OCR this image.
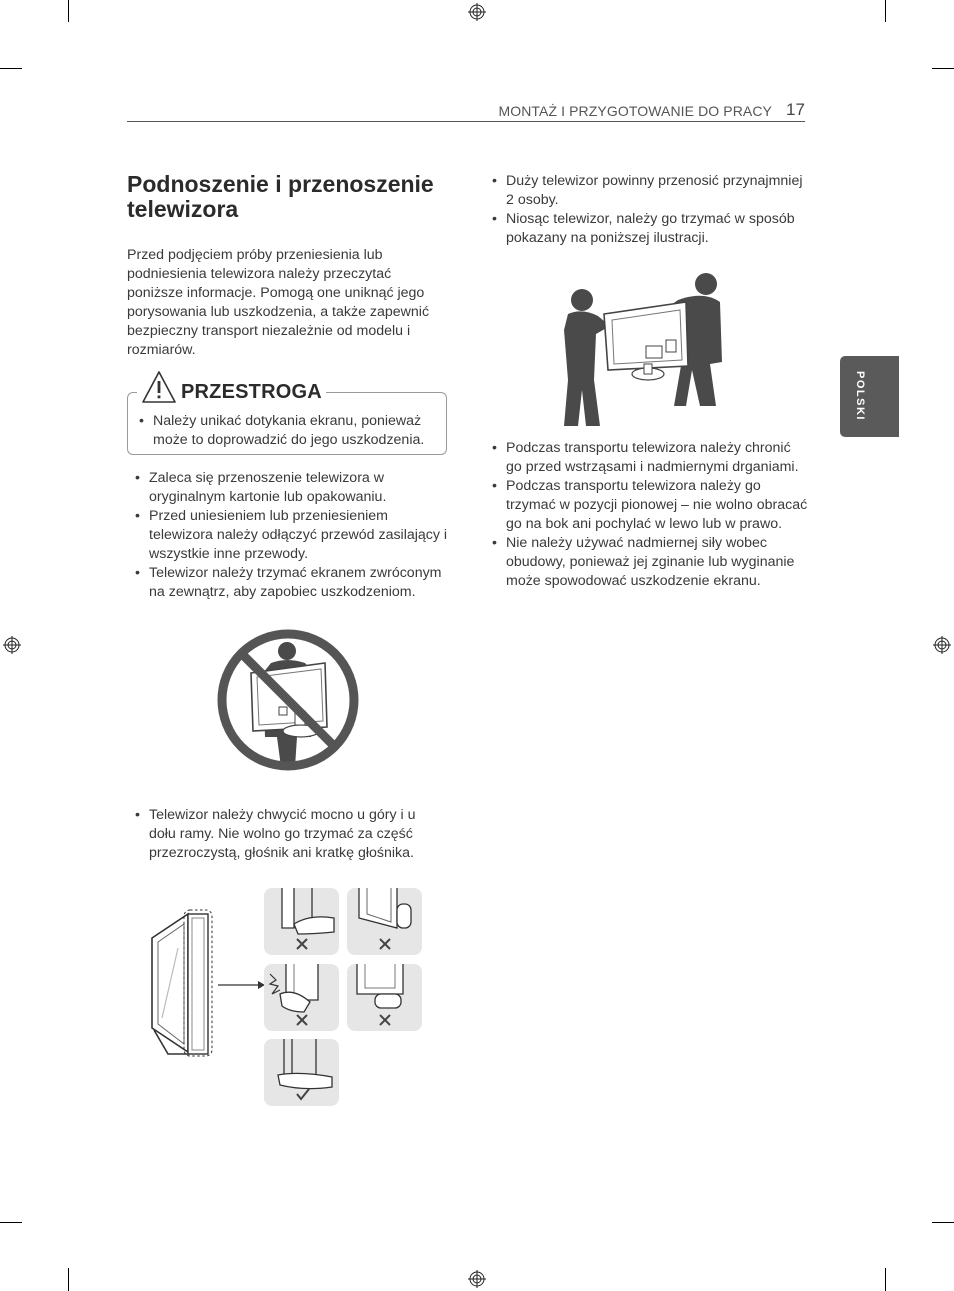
MONTAŻ I PRZYGOTOWANIE DO PRACY 17
POLSKI
Podnoszenie i przenoszenie telewizora

Przed podjęciem próby przeniesienia lub podniesienia telewizora należy przeczytać poniższe informacje. Pomogą one uniknąć jego porysowania lub uszkodzenia, a także zapewnić bezpieczny transport niezależnie od modelu i rozmiarów.

PRZESTROGA
• Należy unikać dotykania ekranu, ponieważ może to doprowadzić do jego uszkodzenia.
• Zaleca się przenoszenie telewizora w oryginalnym kartonie lub opakowaniu.
• Przed uniesieniem lub przeniesieniem telewizora należy odłączyć przewód zasilający i wszystkie inne przewody.
• Telewizor należy trzymać ekranem zwróconym na zewnątrz, aby zapobiec uszkodzeniom.
• Telewizor należy chwycić mocno u góry i u dołu ramy. Nie wolno go trzymać za część przezroczystą, głośnik ani kratkę głośnika.
• Duży telewizor powinny przenosić przynajmniej 2 osoby.
• Niosąc telewizor, należy go trzymać w sposób pokazany na poniższej ilustracji.
• Podczas transportu telewizora należy chronić go przed wstrząsami i nadmiernymi drganiami.
• Podczas transportu telewizora należy go trzymać w pozycji pionowej – nie wolno obracać go na bok ani pochylać w lewo lub w prawo.
• Nie należy używać nadmiernej siły wobec obudowy, ponieważ jej zginanie lub wyginanie może spowodować uszkodzenie ekranu.
